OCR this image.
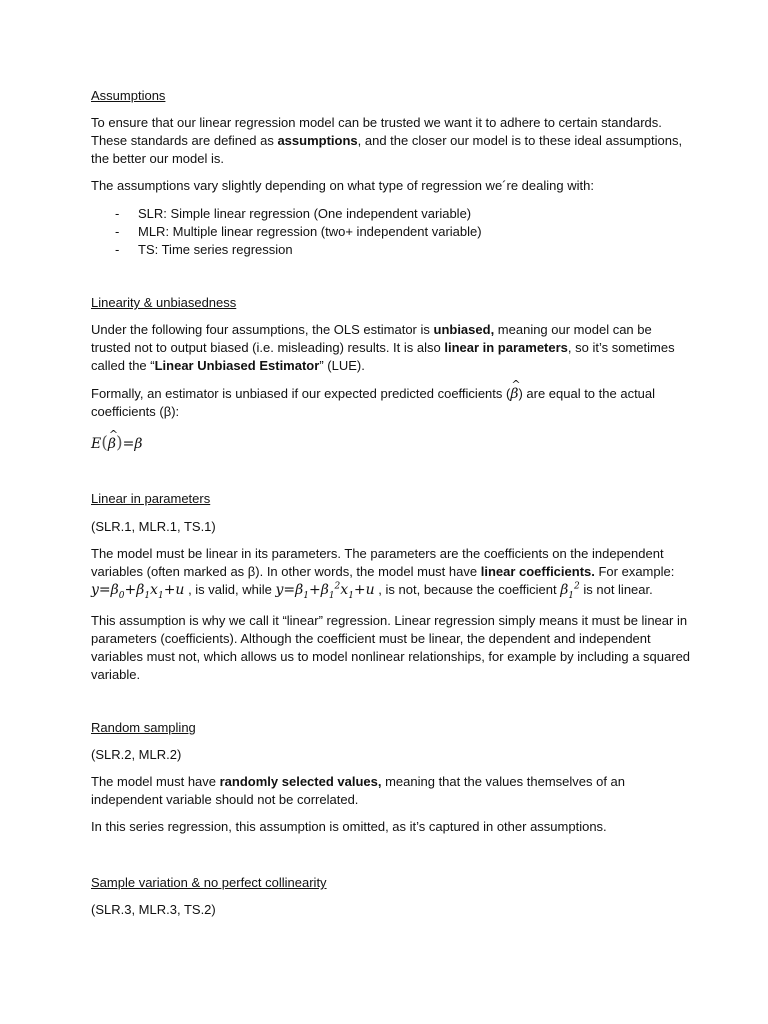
Assumptions

To ensure that our linear regression model can be trusted we want it to adhere to certain standards. These standards are defined as assumptions, and the closer our model is to these ideal assumptions, the better our model is.

The assumptions vary slightly depending on what type of regression we´re dealing with:

- SLR: Simple linear regression (One independent variable)
- MLR: Multiple linear regression (two+ independent variable)
- TS: Time series regression

Linearity & unbiasedness

Under the following four assumptions, the OLS estimator is unbiased, meaning our model can be trusted not to output biased (i.e. misleading) results. It is also linear in parameters, so it’s sometimes called the “Linear Unbiased Estimator” (LUE).

Formally, an estimator is unbiased if our expected predicted coefficients (^ β) are equal to the actual coefficients (β):

E(^ β)=β

Linear in parameters

(SLR.1, MLR.1, TS.1)

The model must be linear in its parameters. The parameters are the coefficients on the independent variables (often marked as β). In other words, the model must have linear coefficients. For example:
$y=\beta_0+\beta_1x_1+u$ , is valid, while $y=\beta_1+\beta_1^2x_1+u$ , is not, because the coefficient $\beta_1^2$ is not linear.

This assumption is why we call it “linear” regression. Linear regression simply means it must be linear in parameters (coefficients). Although the coefficient must be linear, the dependent and independent variables must not, which allows us to model nonlinear relationships, for example by including a squared variable.

Random sampling

(SLR.2, MLR.2)

The model must have randomly selected values, meaning that the values themselves of an independent variable should not be correlated.

In this series regression, this assumption is omitted, as it’s captured in other assumptions.

Sample variation & no perfect collinearity

(SLR.3, MLR.3, TS.2)
